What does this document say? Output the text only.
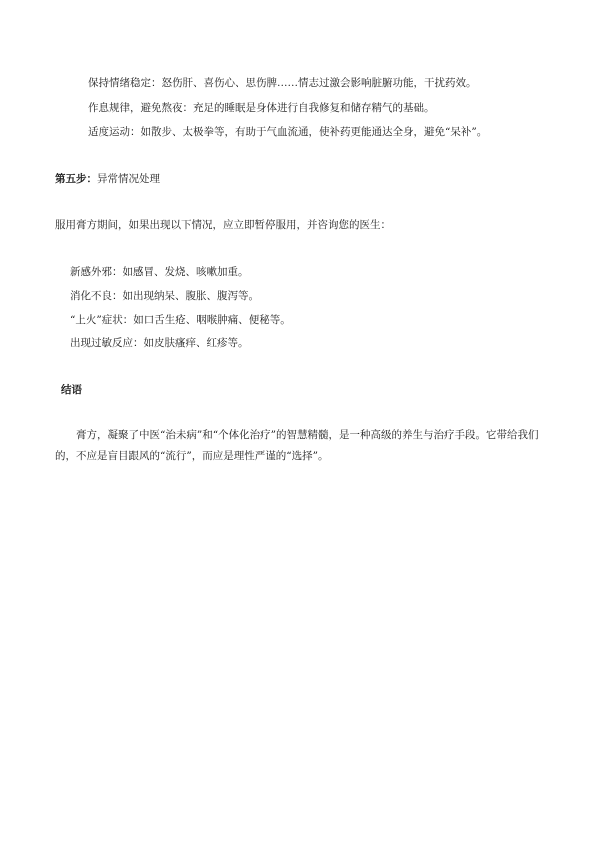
保持情绪稳定：怒伤肝、喜伤心、思伤脾……情志过激会影响脏腑功能，干扰药效。
作息规律，避免熬夜：充足的睡眠是身体进行自我修复和储存精气的基础。
适度运动：如散步、太极拳等，有助于气血流通，使补药更能通达全身，避免“呆补”。
第五步：异常情况处理
服用膏方期间，如果出现以下情况，应立即暂停服用，并咨询您的医生：
新感外邪：如感冒、发烧、咳嗽加重。
消化不良：如出现纳呆、腹胀、腹泻等。
“上火”症状：如口舌生疮、咽喉肿痛、便秘等。
出现过敏反应：如皮肤瘙痒、红疹等。
结语
膏方，凝聚了中医“治未病”和“个体化治疗”的智慧精髓，是一种高级的养生与治疗手段。它带给我们的，不应是盲目跟风的“流行”，而应是理性严谨的“选择”。
